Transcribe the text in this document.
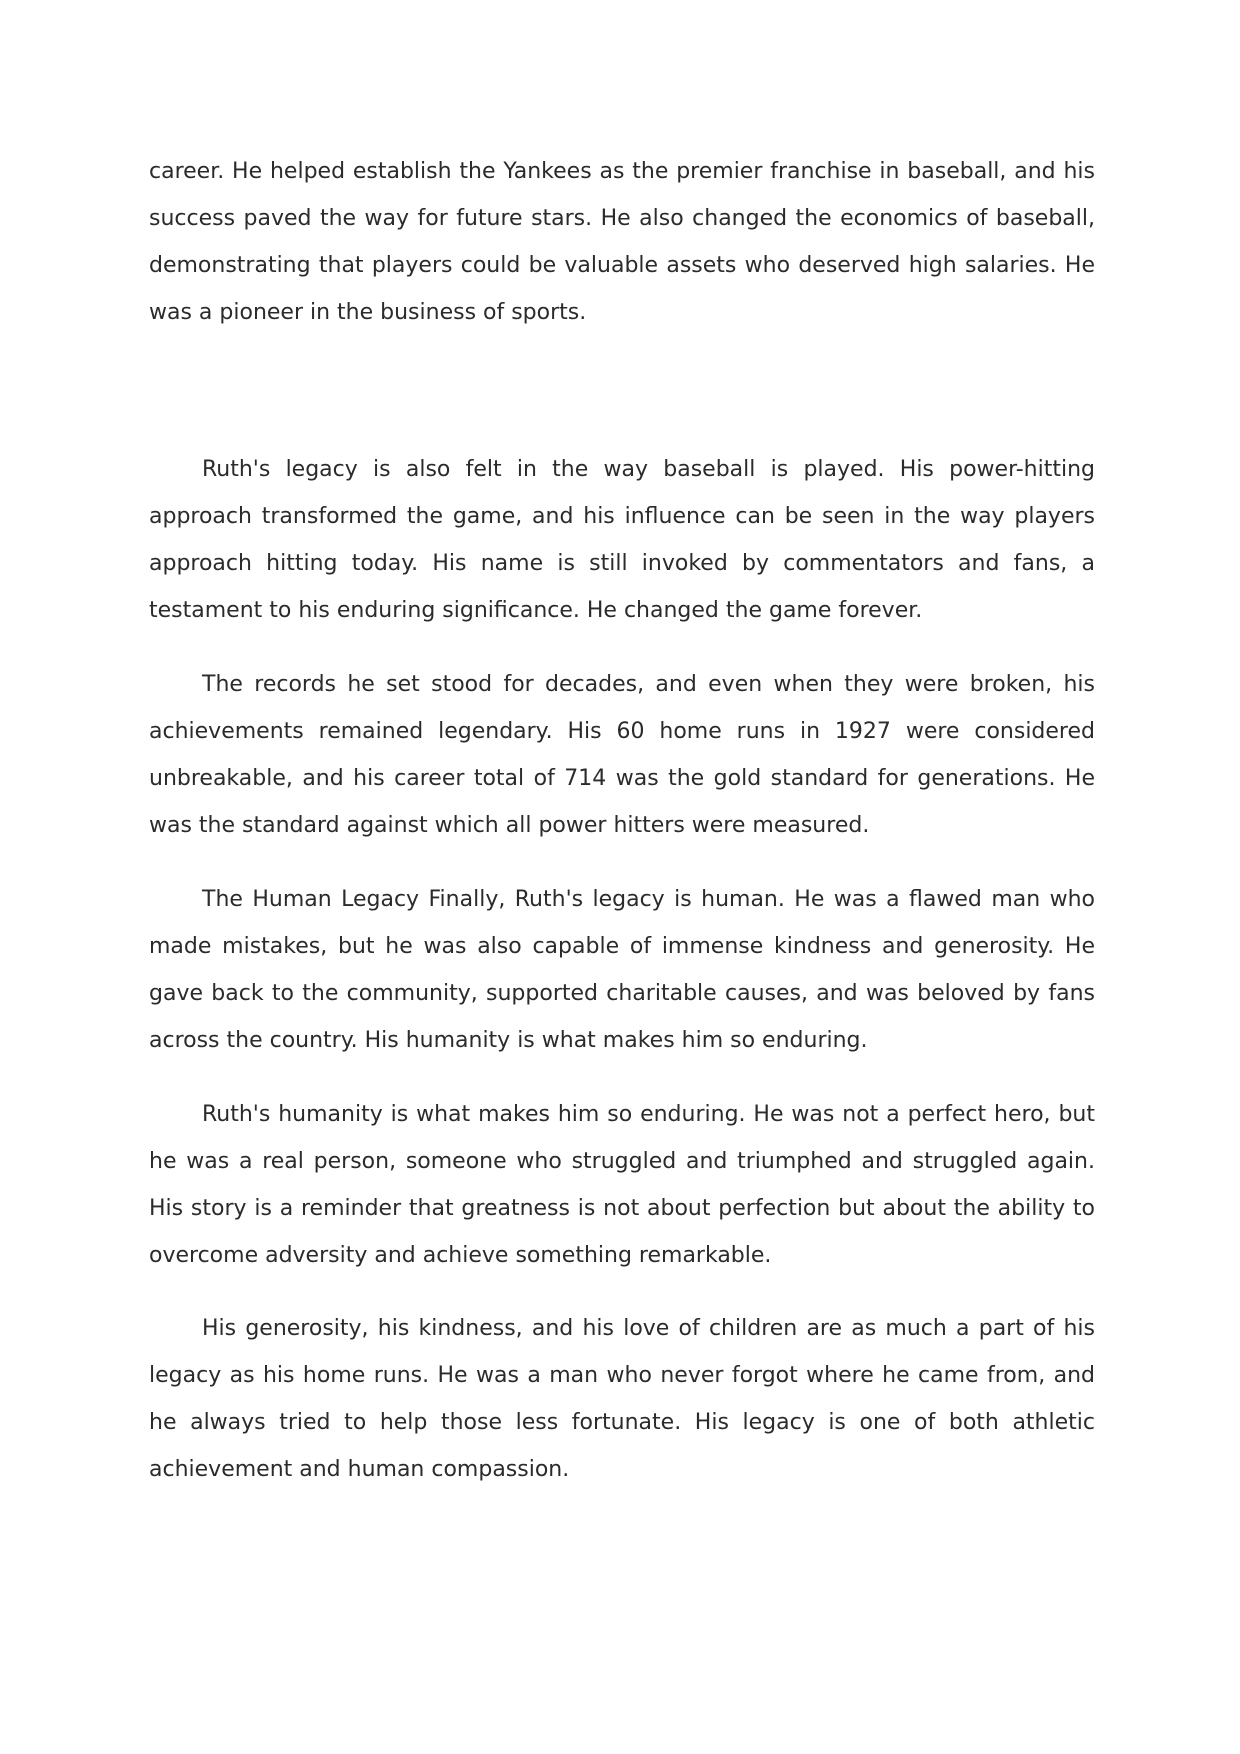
career. He helped establish the Yankees as the premier franchise in baseball, and his success paved the way for future stars. He also changed the economics of baseball, demonstrating that players could be valuable assets who deserved high salaries. He was a pioneer in the business of sports.

Ruth's legacy is also felt in the way baseball is played. His power-hitting approach transformed the game, and his influence can be seen in the way players approach hitting today. His name is still invoked by commentators and fans, a testament to his enduring significance. He changed the game forever.

The records he set stood for decades, and even when they were broken, his achievements remained legendary. His 60 home runs in 1927 were considered unbreakable, and his career total of 714 was the gold standard for generations. He was the standard against which all power hitters were measured.

The Human Legacy Finally, Ruth's legacy is human. He was a flawed man who made mistakes, but he was also capable of immense kindness and generosity. He gave back to the community, supported charitable causes, and was beloved by fans across the country. His humanity is what makes him so enduring.

Ruth's humanity is what makes him so enduring. He was not a perfect hero, but he was a real person, someone who struggled and triumphed and struggled again. His story is a reminder that greatness is not about perfection but about the ability to overcome adversity and achieve something remarkable.

His generosity, his kindness, and his love of children are as much a part of his legacy as his home runs. He was a man who never forgot where he came from, and he always tried to help those less fortunate. His legacy is one of both athletic achievement and human compassion.
